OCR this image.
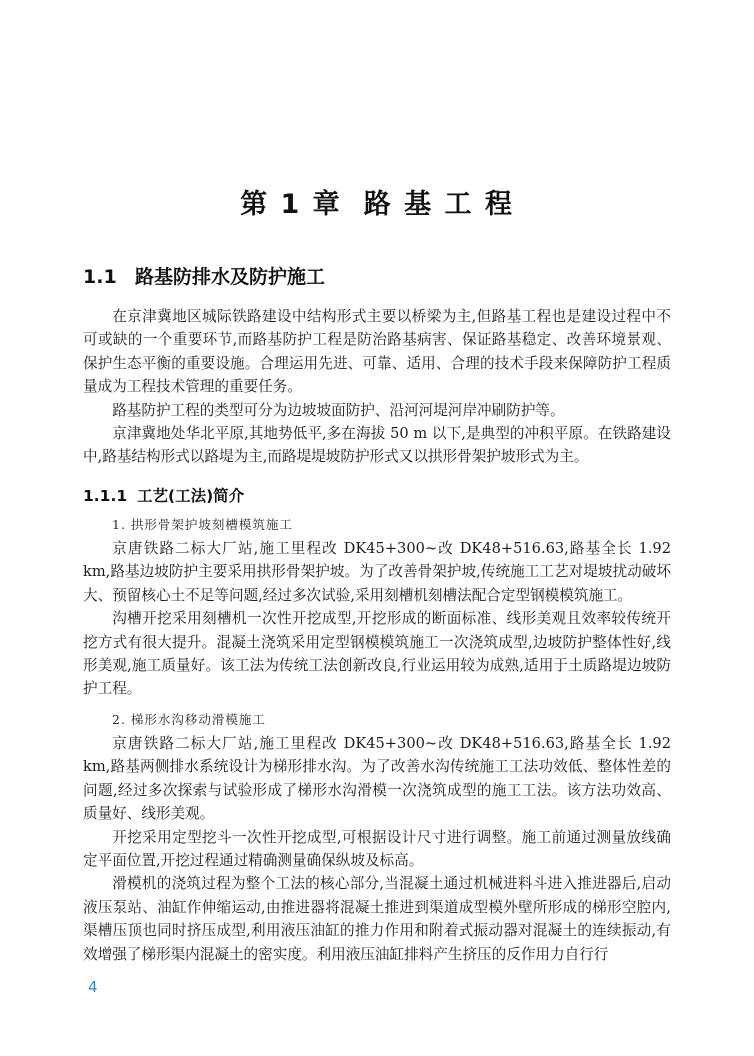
第 1 章 路 基 工 程
1.1 路基防排水及防护施工

在京津冀地区城际铁路建设中结构形式主要以桥梁为主,但路基工程也是建设过程中不可或缺的一个重要环节,而路基防护工程是防治路基病害、保证路基稳定、改善环境景观、保护生态平衡的重要设施。合理运用先进、可靠、适用、合理的技术手段来保障防护工程质量成为工程技术管理的重要任务。

路基防护工程的类型可分为边坡坡面防护、沿河河堤河岸冲刷防护等。

京津冀地处华北平原,其地势低平,多在海拔 50 m 以下,是典型的冲积平原。在铁路建设中,路基结构形式以路堤为主,而路堤堤坡防护形式又以拱形骨架护坡形式为主。

1.1.1 工艺(工法)简介
1. 拱形骨架护坡刻槽模筑施工

京唐铁路二标大厂站,施工里程改 DK45+300~改 DK48+516.63,路基全长 1.92 km,路基边坡防护主要采用拱形骨架护坡。为了改善骨架护坡,传统施工工艺对堤坡扰动破坏大、预留核心土不足等问题,经过多次试验,采用刻槽机刻槽法配合定型钢模模筑施工。

沟槽开挖采用刻槽机一次性开挖成型,开挖形成的断面标准、线形美观且效率较传统开挖方式有很大提升。混凝土浇筑采用定型钢模模筑施工一次浇筑成型,边坡防护整体性好,线形美观,施工质量好。该工法为传统工法创新改良,行业运用较为成熟,适用于土质路堤边坡防护工程。

2. 梯形水沟移动滑模施工

京唐铁路二标大厂站,施工里程改 DK45+300~改 DK48+516.63,路基全长 1.92 km,路基两侧排水系统设计为梯形排水沟。为了改善水沟传统施工工法功效低、整体性差的问题,经过多次探索与试验形成了梯形水沟滑模一次浇筑成型的施工工法。该方法功效高、质量好、线形美观。

开挖采用定型挖斗一次性开挖成型,可根据设计尺寸进行调整。施工前通过测量放线确定平面位置,开挖过程通过精确测量确保纵坡及标高。

滑模机的浇筑过程为整个工法的核心部分,当混凝土通过机械进料斗进入推进器后,启动液压泵站、油缸作伸缩运动,由推进器将混凝土推进到渠道成型模外壁所形成的梯形空腔内,渠槽压顶也同时挤压成型,利用液压油缸的推力作用和附着式振动器对混凝土的连续振动,有效增强了梯形渠内混凝土的密实度。利用液压油缸排料产生挤压的反作用力自行行

4
